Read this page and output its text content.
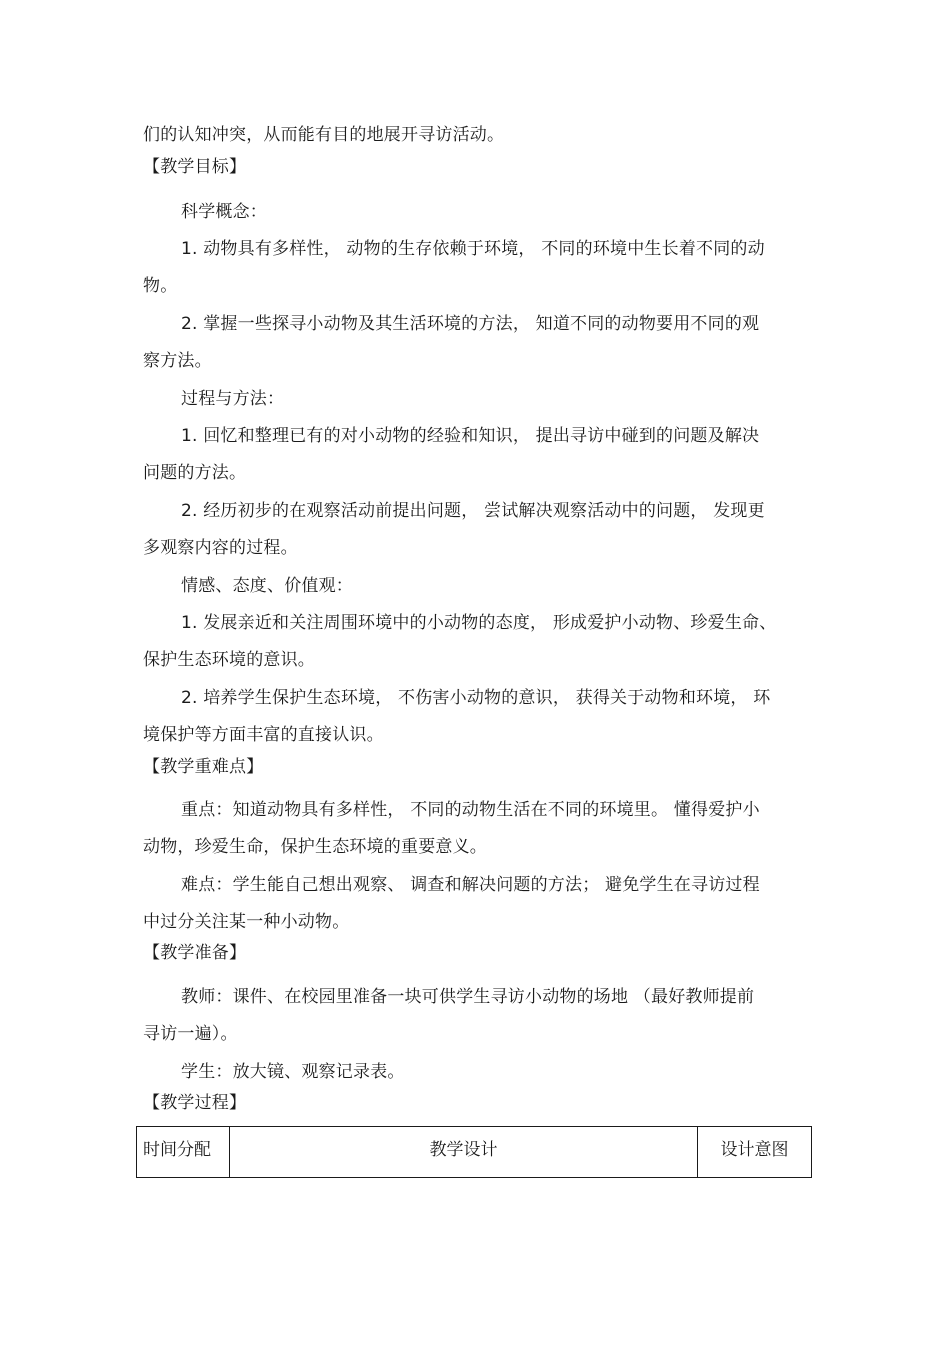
们的认知冲突，从而能有目的地展开寻访活动。
【教学目标】
科学概念：
1. 动物具有多样性， 动物的生存依赖于环境， 不同的环境中生长着不同的动
物。
2. 掌握一些探寻小动物及其生活环境的方法， 知道不同的动物要用不同的观
察方法。
过程与方法：
1. 回忆和整理已有的对小动物的经验和知识， 提出寻访中碰到的问题及解决
问题的方法。
2. 经历初步的在观察活动前提出问题， 尝试解决观察活动中的问题， 发现更
多观察内容的过程。
情感、态度、价值观：
1. 发展亲近和关注周围环境中的小动物的态度， 形成爱护小动物、珍爱生命、
保护生态环境的意识。
2. 培养学生保护生态环境， 不伤害小动物的意识， 获得关于动物和环境， 环
境保护等方面丰富的直接认识。
【教学重难点】
重点：知道动物具有多样性， 不同的动物生活在不同的环境里。 懂得爱护小
动物，珍爱生命，保护生态环境的重要意义。
难点：学生能自己想出观察、 调查和解决问题的方法； 避免学生在寻访过程
中过分关注某一种小动物。
【教学准备】
教师：课件、在校园里准备一块可供学生寻访小动物的场地 （最好教师提前
寻访一遍）。
学生：放大镜、观察记录表。
【教学过程】
时间分配	教学设计	设计意图
